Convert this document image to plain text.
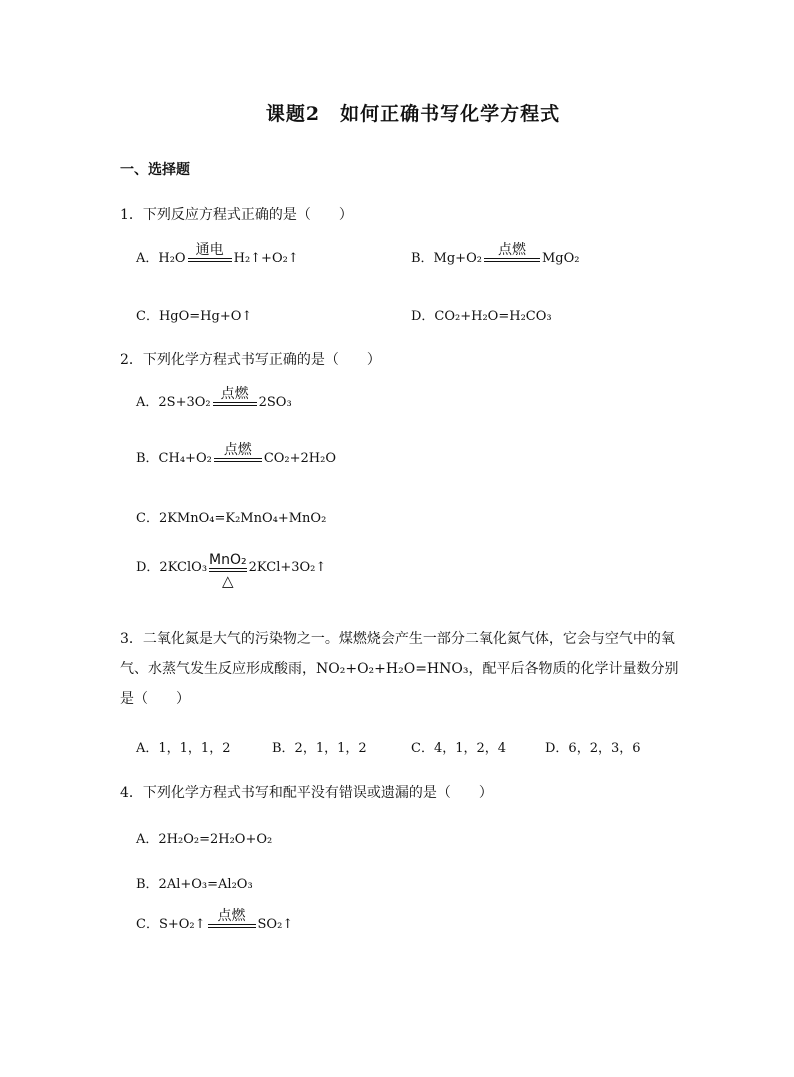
课题2　如何正确书写化学方程式
一、选择题
1．下列反应方程式正确的是（　　）
A．H₂O
通电
H₂↑+O₂↑	B．Mg+O₂
点燃
MgO₂
C．HgO=Hg+O↑	D．CO₂+H₂O=H₂CO₃
2．下列化学方程式书写正确的是（　　）
A．2S+3O₂
点燃
2SO₃
B．CH₄+O₂
点燃
CO₂+2H₂O
C．2KMnO₄=K₂MnO₄+MnO₂
D．2KClO₃ MnO₂
△
2KCl+3O₂↑
3．二氧化氮是大气的污染物之一。煤燃烧会产生一部分二氧化氮气体，它会与空气中的氧气、水蒸气发生反应形成酸雨，NO₂+O₂+H₂O=HNO₃，配平后各物质的化学计量数分别是（　　）
A．1，1，1，2	B．2，1，1，2	C．4，1，2，4	D．6，2，3，6
4．下列化学方程式书写和配平没有错误或遗漏的是（　　）
A．2H₂O₂=2H₂O+O₂
B．2Al+O₃=Al₂O₃
C．S+O₂↑
点燃
SO₂↑
